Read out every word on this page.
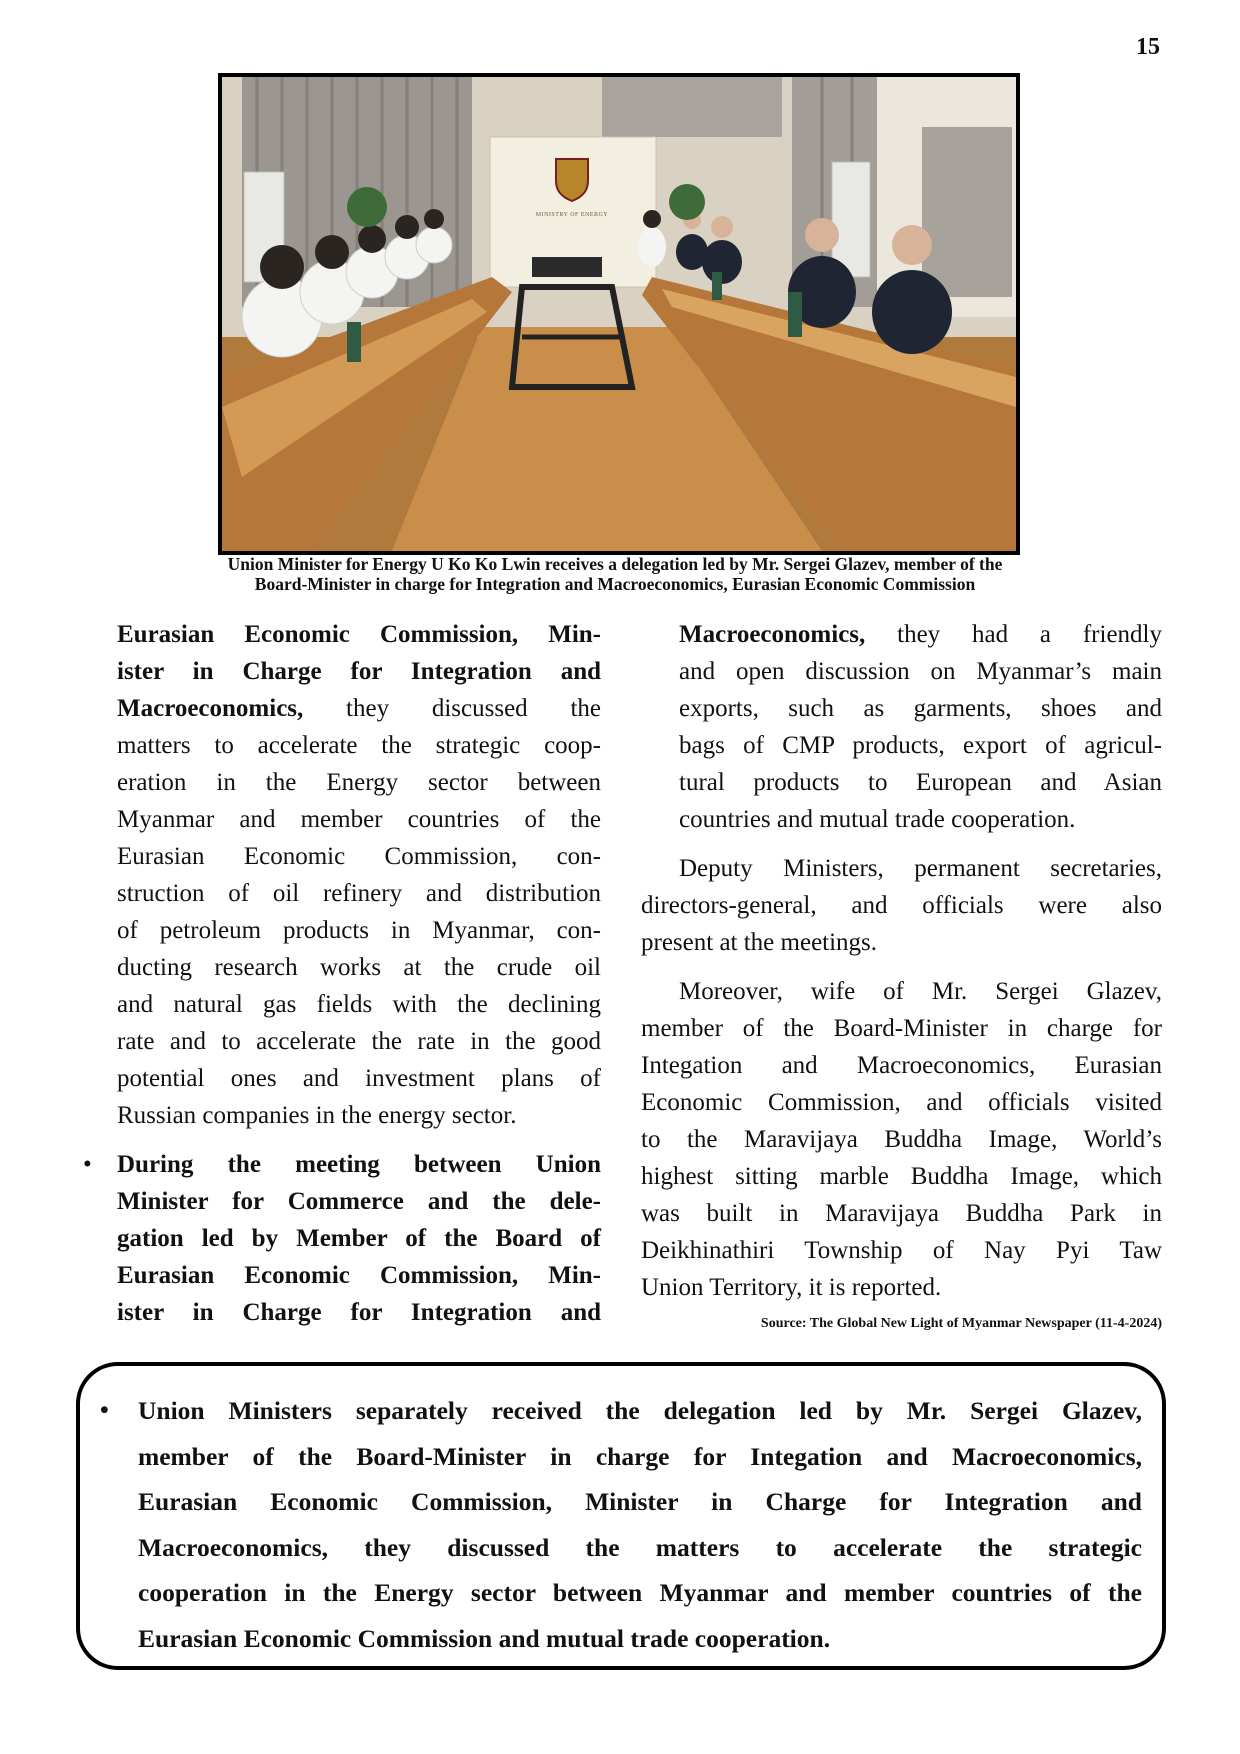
15
MINISTRY OF ENERGY
Union Minister for Energy U Ko Ko Lwin receives a delegation led by Mr. Sergei Glazev, member of the
Board-Minister in charge for Integration and Macroeconomics, Eurasian Economic Commission

Eurasian Economic Commission, Min-
ister in Charge for Integration and
Macroeconomics, they discussed the
matters to accelerate the strategic coop-
eration in the Energy sector between
Myanmar and member countries of the
Eurasian Economic Commission, con-
struction of oil refinery and distribution
of petroleum products in Myanmar, con-
ducting research works at the crude oil
and natural gas fields with the declining
rate and to accelerate the rate in the good
potential ones and investment plans of
Russian companies in the energy sector.

• During the meeting between Union
Minister for Commerce and the dele-
gation led by Member of the Board of
Eurasian Economic Commission, Min-
ister in Charge for Integration and

Macroeconomics, they had a friendly
and open discussion on Myanmar’s main
exports, such as garments, shoes and
bags of CMP products, export of agricul-
tural products to European and Asian
countries and mutual trade cooperation.

Deputy Ministers, permanent secretaries,
directors-general, and officials were also
present at the meetings.

Moreover, wife of Mr. Sergei Glazev,
member of the Board-Minister in charge for
Integation and Macroeconomics, Eurasian
Economic Commission, and officials visited
to the Maravijaya Buddha Image, World’s
highest sitting marble Buddha Image, which
was built in Maravijaya Buddha Park in
Deikhinathiri Township of Nay Pyi Taw
Union Territory, it is reported.

Source: The Global New Light of Myanmar Newspaper (11-4-2024)
• Union Ministers separately received the delegation led by Mr. Sergei Glazev,
member of the Board-Minister in charge for Integation and Macroeconomics,
Eurasian Economic Commission, Minister in Charge for Integration and
Macroeconomics, they discussed the matters to accelerate the strategic
cooperation in the Energy sector between Myanmar and member countries of the
Eurasian Economic Commission and mutual trade cooperation.
